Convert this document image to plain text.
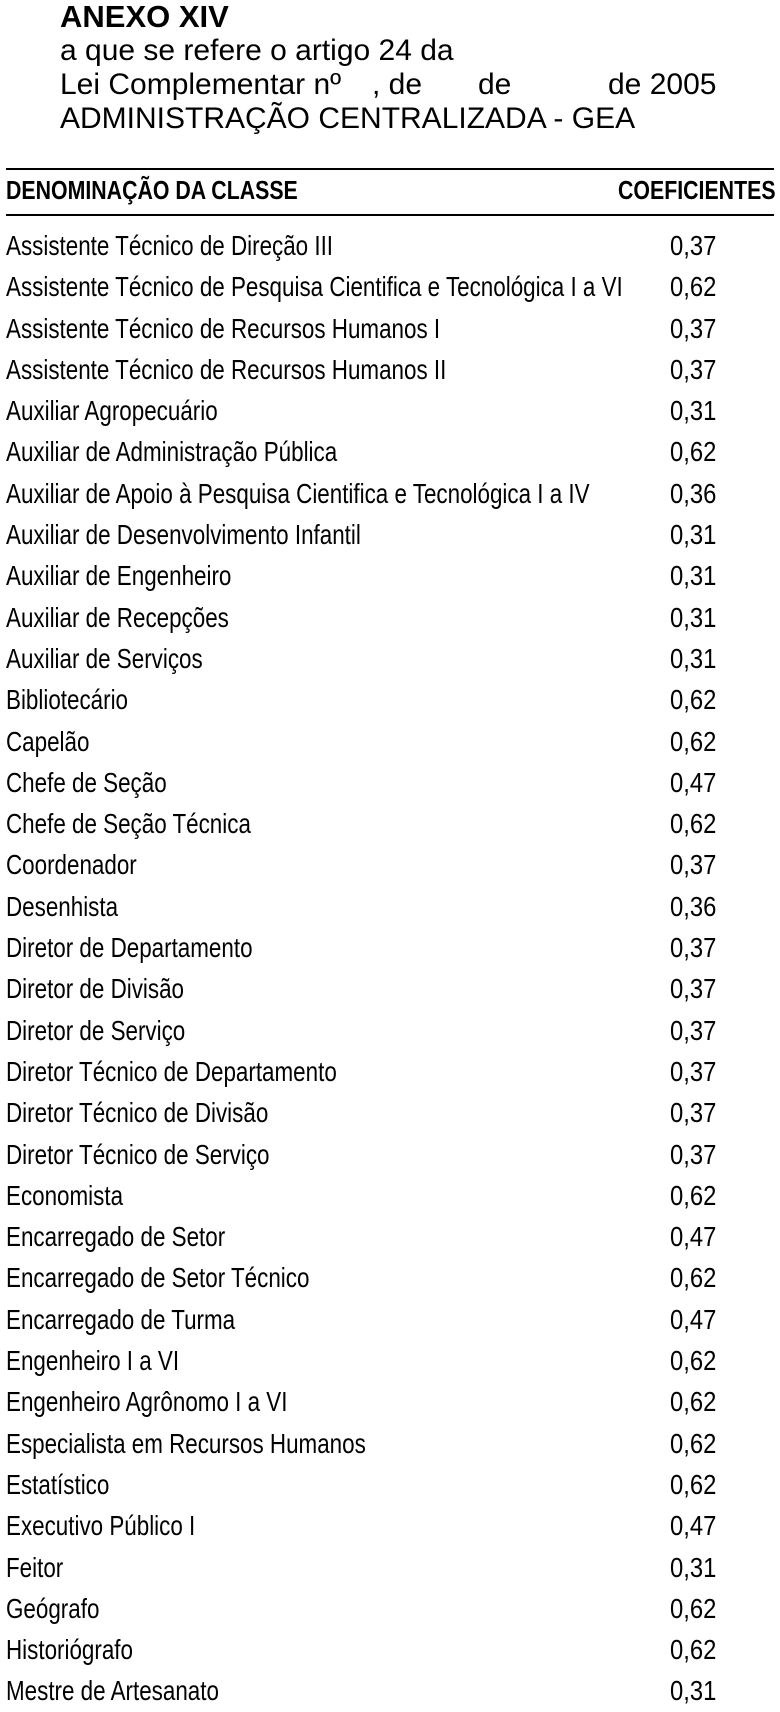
ANEXO XIV
a que se refere o artigo 24 da
Lei Complementar nº , de de	de 2005
ADMINISTRAÇÃO CENTRALIZADA - GEA
DENOMINAÇÃO DA CLASSE	COEFICIENTES
Assistente Técnico de Direção III	0,37
Assistente Técnico de Pesquisa Cientifica e Tecnológica I a VI 0,62
Assistente Técnico de Recursos Humanos I	0,37
Assistente Técnico de Recursos Humanos II	0,37
Auxiliar Agropecuário	0,31
Auxiliar de Administração Pública	0,62
Auxiliar de Apoio à Pesquisa Cientifica e Tecnológica I a IV	0,36
Auxiliar de Desenvolvimento Infantil	0,31
Auxiliar de Engenheiro	0,31
Auxiliar de Recepções	0,31
Auxiliar de Serviços	0,31
Bibliotecário	0,62
Capelão	0,62
Chefe de Seção	0,47
Chefe de Seção Técnica	0,62
Coordenador	0,37
Desenhista	0,36
Diretor de Departamento	0,37
Diretor de Divisão	0,37
Diretor de Serviço	0,37
Diretor Técnico de Departamento	0,37
Diretor Técnico de Divisão	0,37
Diretor Técnico de Serviço	0,37
Economista	0,62
Encarregado de Setor	0,47
Encarregado de Setor Técnico	0,62
Encarregado de Turma	0,47
Engenheiro I a VI	0,62
Engenheiro Agrônomo I a VI	0,62
Especialista em Recursos Humanos	0,62
Estatístico	0,62
Executivo Público I	0,47
Feitor	0,31
Geógrafo	0,62
Historiógrafo	0,62
Mestre de Artesanato	0,31
